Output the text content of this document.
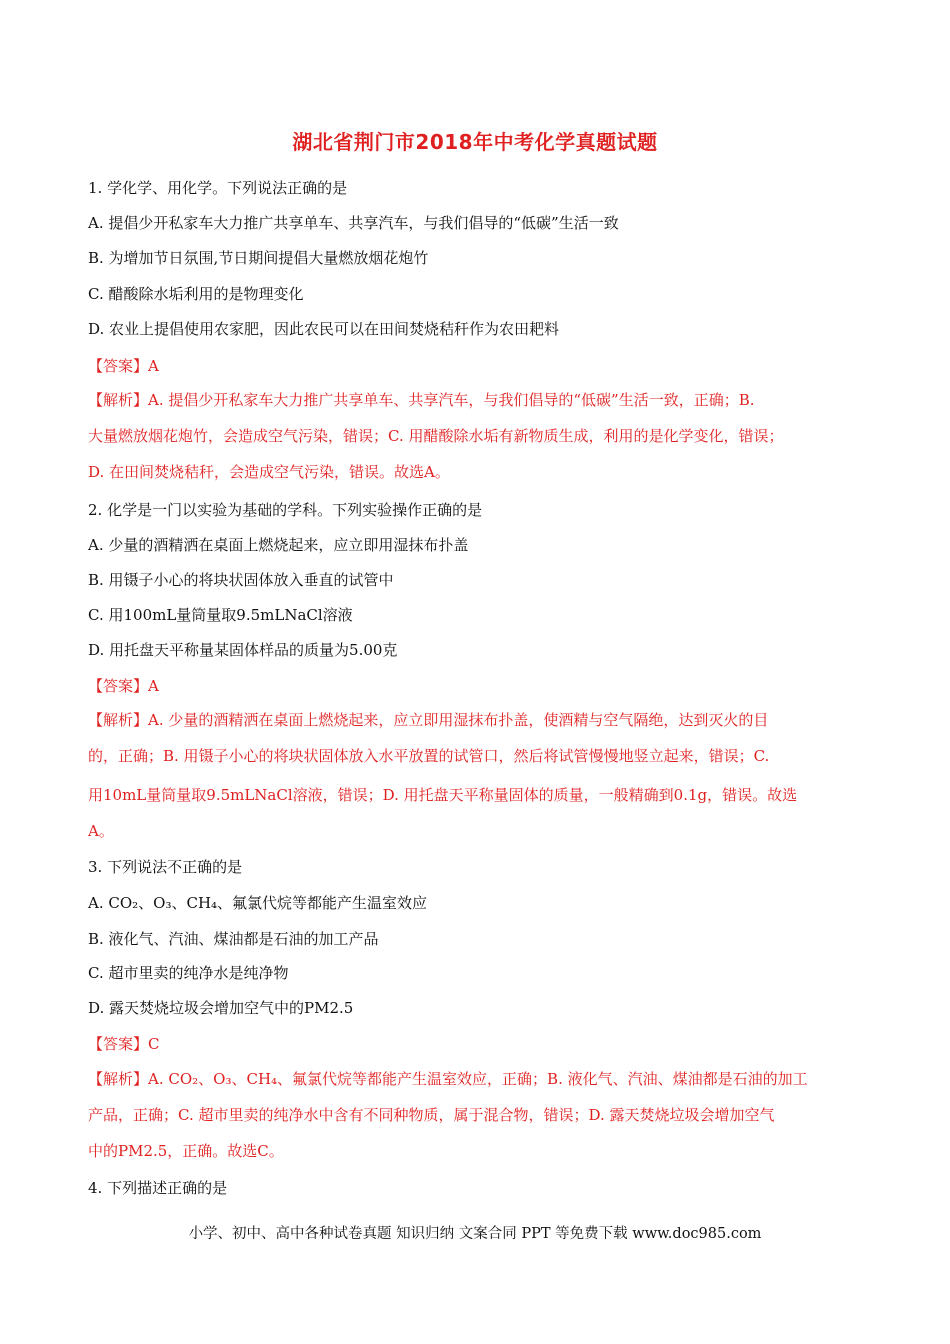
湖北省荆门市2018年中考化学真题试题
1. 学化学、用化学。下列说法正确的是
A. 提倡少开私家车大力推广共享单车、共享汽车，与我们倡导的“低碳”生活一致
B. 为增加节日氛围,节日期间提倡大量燃放烟花炮竹
C. 醋酸除水垢利用的是物理变化
D. 农业上提倡使用农家肥，因此农民可以在田间焚烧秸秆作为农田耙料
【答案】A
【解析】A. 提倡少开私家车大力推广共享单车、共享汽车，与我们倡导的“低碳”生活一致，正确；B.
大量燃放烟花炮竹，会造成空气污染，错误；C. 用醋酸除水垢有新物质生成，利用的是化学变化，错误；
D. 在田间焚烧秸秆，会造成空气污染，错误。故选A。
2. 化学是一门以实验为基础的学科。下列实验操作正确的是
A. 少量的酒精洒在桌面上燃烧起来，应立即用湿抹布扑盖
B. 用镊子小心的将块状固体放入垂直的试管中
C. 用100mL量筒量取9.5mLNaCl溶液
D. 用托盘天平称量某固体样品的质量为5.00克
【答案】A
【解析】A. 少量的酒精洒在桌面上燃烧起来，应立即用湿抹布扑盖，使酒精与空气隔绝，达到灭火的目
的，正确；B. 用镊子小心的将块状固体放入水平放置的试管口，然后将试管慢慢地竖立起来，错误；C.
用10mL量筒量取9.5mLNaCl溶液，错误；D. 用托盘天平称量固体的质量，一般精确到0.1g，错误。故选
A。
3. 下列说法不正确的是
A. CO₂、O₃、CH₄、氟氯代烷等都能产生温室效应
B. 液化气、汽油、煤油都是石油的加工产品
C. 超市里卖的纯净水是纯净物
D. 露天焚烧垃圾会增加空气中的PM2.5
【答案】C
【解析】A. CO₂、O₃、CH₄、氟氯代烷等都能产生温室效应，正确；B. 液化气、汽油、煤油都是石油的加工
产品，正确；C. 超市里卖的纯净水中含有不同种物质，属于混合物，错误；D. 露天焚烧垃圾会增加空气
中的PM2.5，正确。故选C。
4. 下列描述正确的是
小学、初中、高中各种试卷真题 知识归纳 文案合同 PPT 等免费下载 www.doc985.com
